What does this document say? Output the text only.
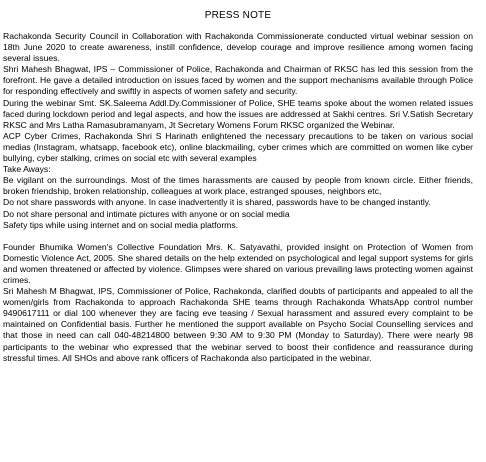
PRESS NOTE

Rachakonda Security Council in Collaboration with Rachakonda Commissionerate conducted virtual webinar session on 18th June 2020 to create awareness, instill confidence, develop courage and improve resilience among women facing several issues.

Shri Mahesh Bhagwat, IPS – Commissioner of Police, Rachakonda and Chairman of RKSC has led this session from the forefront. He gave a detailed introduction on issues faced by women and the support mechanisms available through Police for responding effectively and swiftly in aspects of women safety and security.

During the webinar Smt. SK.Saleema Addl.Dy.Commissioner of Police, SHE teams spoke about the women related issues faced during lockdown period and legal aspects, and how the issues are addressed at Sakhi centres. Sri V.Satish Secretary RKSC and Mrs Latha Ramasubramanyam, Jt Secretary Womens Forum RKSC organized the Webinar.

ACP Cyber Crimes, Rachakonda Shri S Harinath enlightened the necessary precautions to be taken on various social medias (Instagram, whatsapp, facebook etc), online blackmailing, cyber crimes which are committed on women like cyber bullying, cyber stalking, crimes on social etc with several examples

Take Aways:

Be vigilant on the surroundings. Most of the times harassments are caused by people from known circle. Either friends, broken friendship, broken relationship, colleagues at work place, estranged spouses, neighbors etc,

Do not share passwords with anyone. In case inadvertently it is shared, passwords have to be changed instantly.

Do not share personal and intimate pictures with anyone or on social media

Safety tips while using internet and on social media platforms.

Founder Bhumika Women's Collective Foundation Mrs. K. Satyavathi, provided insight on Protection of Women from Domestic Violence Act, 2005. She shared details on the help extended on psychological and legal support systems for girls and women threatened or affected by violence. Glimpses were shared on various prevailing laws protecting women against crimes.

Sri Mahesh M Bhagwat, IPS, Commissioner of Police, Rachakonda, clarified doubts of participants and appealed to all the women/girls from Rachakonda to approach Rachakonda SHE teams through Rachakonda WhatsApp control number 9490617111 or dial 100 whenever they are facing eve teasing / Sexual harassment and assured every complaint to be maintained on Confidential basis. Further he mentioned the support available on Psycho Social Counselling services and that those in need can call 040-48214800 between 9:30 AM to 9:30 PM (Monday to Saturday). There were nearly 98 participants to the webinar who expressed that the webinar served to boost their confidence and reassurance during stressful times. All SHOs and above rank officers of Rachakonda also participated in the webinar.
